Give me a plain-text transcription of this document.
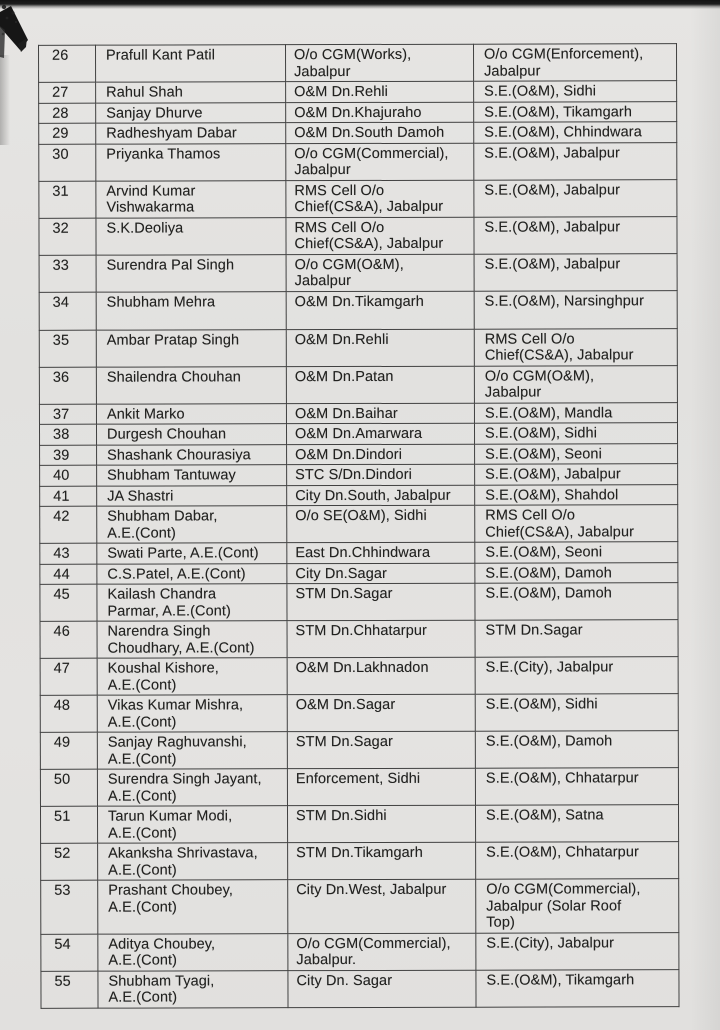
26	Prafull Kant Patil	O/o CGM(Works),
Jabalpur	O/o CGM(Enforcement),
Jabalpur
27	Rahul Shah	O&M Dn.Rehli	S.E.(O&M), Sidhi
28	Sanjay Dhurve	O&M Dn.Khajuraho	S.E.(O&M), Tikamgarh
29	Radheshyam Dabar	O&M Dn.South Damoh	S.E.(O&M), Chhindwara
30	Priyanka Thamos	O/o CGM(Commercial),
Jabalpur	S.E.(O&M), Jabalpur
31	Arvind Kumar
Vishwakarma	RMS Cell O/o
Chief(CS&A), Jabalpur	S.E.(O&M), Jabalpur
32	S.K.Deoliya	RMS Cell O/o
Chief(CS&A), Jabalpur	S.E.(O&M), Jabalpur
33	Surendra Pal Singh	O/o CGM(O&M),
Jabalpur	S.E.(O&M), Jabalpur
34	Shubham Mehra	O&M Dn.Tikamgarh	S.E.(O&M), Narsinghpur
35	Ambar Pratap Singh	O&M Dn.Rehli	RMS Cell O/o
Chief(CS&A), Jabalpur
36	Shailendra Chouhan	O&M Dn.Patan	O/o CGM(O&M),
Jabalpur
37	Ankit Marko	O&M Dn.Baihar	S.E.(O&M), Mandla
38	Durgesh Chouhan	O&M Dn.Amarwara	S.E.(O&M), Sidhi
39	Shashank Chourasiya	O&M Dn.Dindori	S.E.(O&M), Seoni
40	Shubham Tantuway	STC S/Dn.Dindori	S.E.(O&M), Jabalpur
41	JA Shastri	City Dn.South, Jabalpur	S.E.(O&M), Shahdol
42	Shubham Dabar,
A.E.(Cont)	O/o SE(O&M), Sidhi	RMS Cell O/o
Chief(CS&A), Jabalpur
43	Swati Parte, A.E.(Cont)	East Dn.Chhindwara	S.E.(O&M), Seoni
44	C.S.Patel, A.E.(Cont)	City Dn.Sagar	S.E.(O&M), Damoh
45	Kailash Chandra
Parmar, A.E.(Cont)	STM Dn.Sagar	S.E.(O&M), Damoh
46	Narendra Singh
Choudhary, A.E.(Cont)	STM Dn.Chhatarpur	STM Dn.Sagar
47	Koushal Kishore,
A.E.(Cont)	O&M Dn.Lakhnadon	S.E.(City), Jabalpur
48	Vikas Kumar Mishra,
A.E.(Cont)	O&M Dn.Sagar	S.E.(O&M), Sidhi
49	Sanjay Raghuvanshi,
A.E.(Cont)	STM Dn.Sagar	S.E.(O&M), Damoh
50	Surendra Singh Jayant,
A.E.(Cont)	Enforcement, Sidhi	S.E.(O&M), Chhatarpur
51	Tarun Kumar Modi,
A.E.(Cont)	STM Dn.Sidhi	S.E.(O&M), Satna
52	Akanksha Shrivastava,
A.E.(Cont)	STM Dn.Tikamgarh	S.E.(O&M), Chhatarpur
53	Prashant Choubey,
A.E.(Cont)	City Dn.West, Jabalpur	O/o CGM(Commercial),
Jabalpur (Solar Roof
Top)
54	Aditya Choubey,
A.E.(Cont)	O/o CGM(Commercial),
Jabalpur.	S.E.(City), Jabalpur
55	Shubham Tyagi,
A.E.(Cont)	City Dn. Sagar	S.E.(O&M), Tikamgarh
